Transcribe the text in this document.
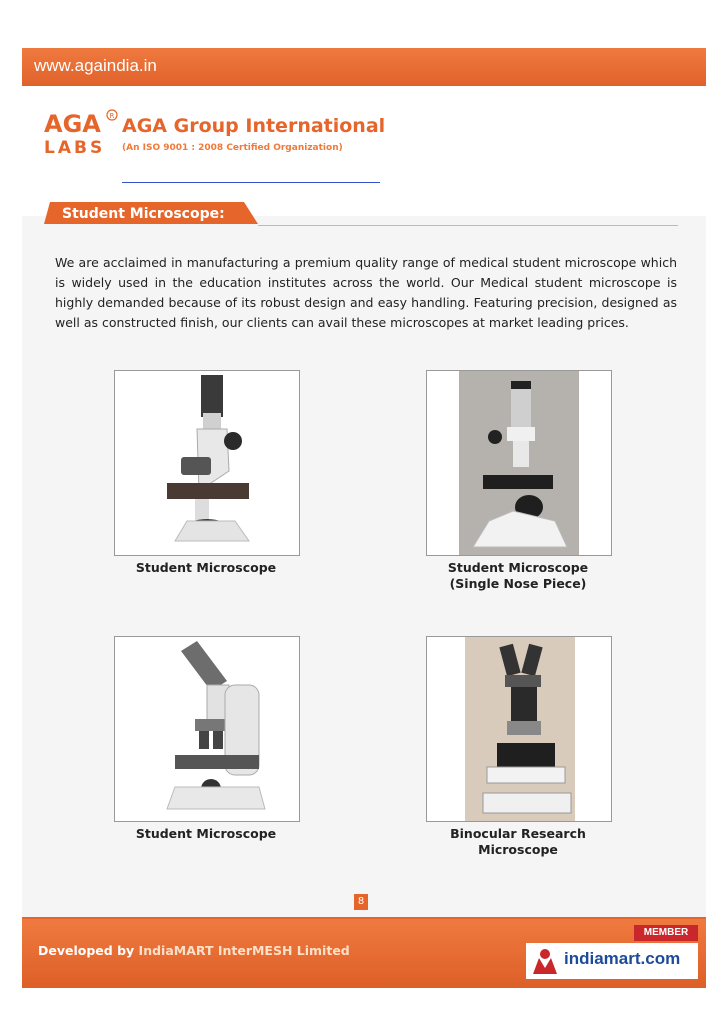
www.againdia.in
AGA R
LABS
AGA Group International
(An ISO 9001 : 2008 Certified Organization)
Student Microscope:

We are acclaimed in manufacturing a premium quality range of medical student microscope which is widely used in the education institutes across the world. Our Medical student microscope is highly demanded because of its robust design and easy handling. Featuring precision, designed as well as constructed finish, our clients can avail these microscopes at market leading prices.

Student Microscope	Student Microscope
(Single Nose Piece)
Student Microscope	Binocular Research
Microscope
8
Developed by IndiaMART InterMESH Limited
MEMBER
indiamart.com
